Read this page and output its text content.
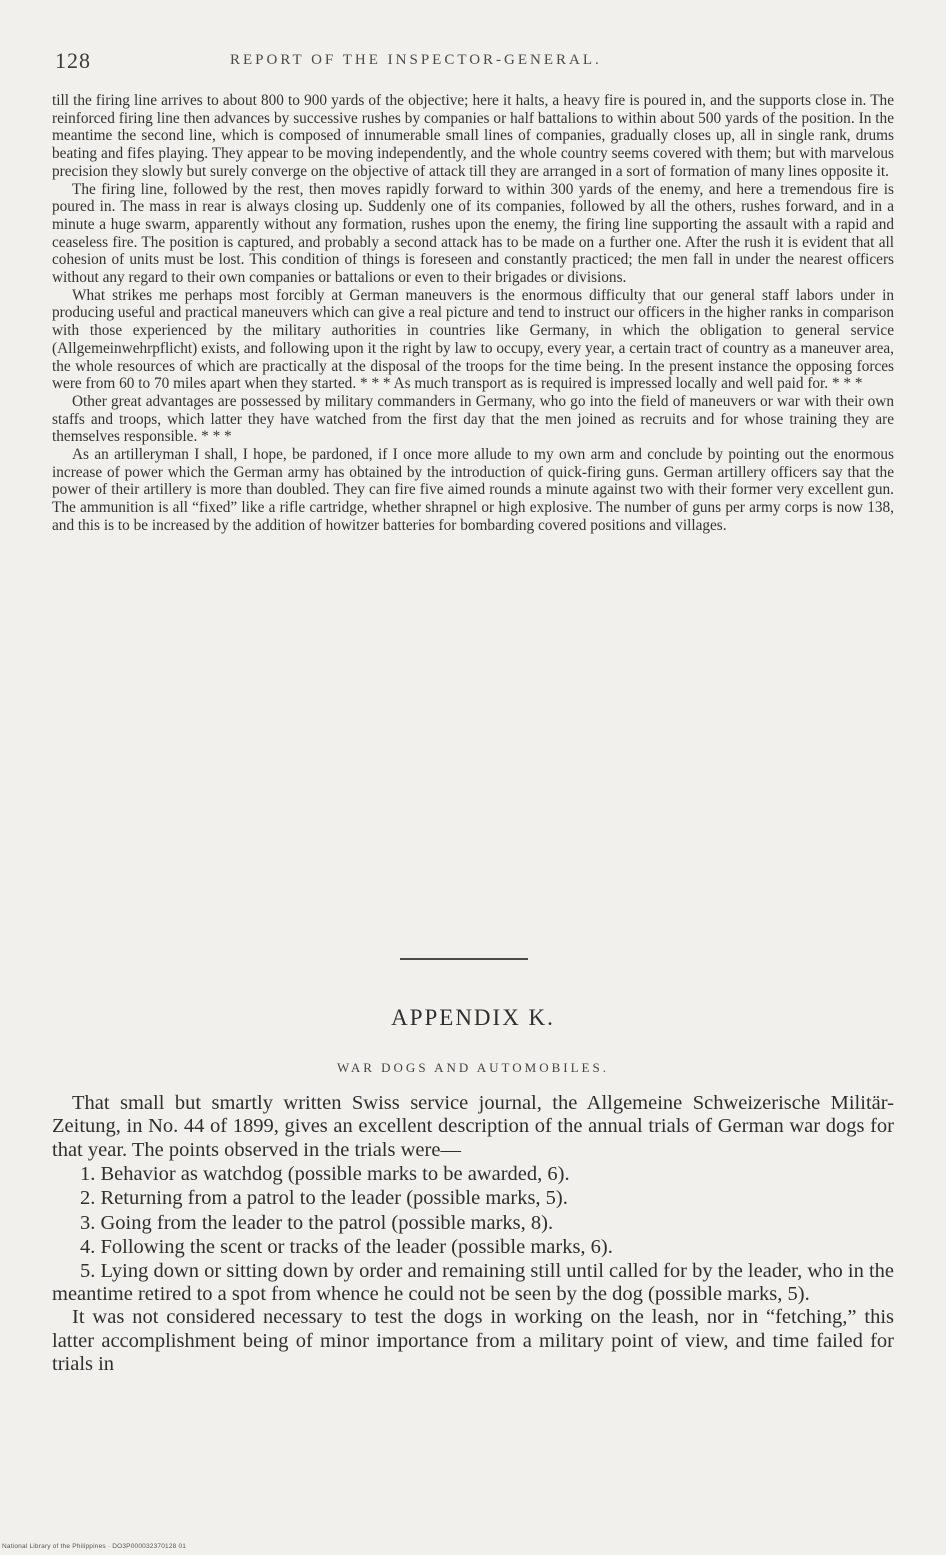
128	REPORT OF THE INSPECTOR-GENERAL.

till the firing line arrives to about 800 to 900 yards of the objective; here it halts, a heavy fire is poured in, and the supports close in. The reinforced firing line then advances by successive rushes by companies or half battalions to within about 500 yards of the position. In the meantime the second line, which is composed of innumerable small lines of companies, gradually closes up, all in single rank, drums beating and fifes playing. They appear to be moving independently, and the whole country seems covered with them; but with marvelous precision they slowly but surely converge on the objective of attack till they are arranged in a sort of formation of many lines opposite it.

The firing line, followed by the rest, then moves rapidly forward to within 300 yards of the enemy, and here a tremendous fire is poured in. The mass in rear is always closing up. Suddenly one of its companies, followed by all the others, rushes forward, and in a minute a huge swarm, apparently without any formation, rushes upon the enemy, the firing line supporting the assault with a rapid and ceaseless fire. The position is captured, and probably a second attack has to be made on a further one. After the rush it is evident that all cohesion of units must be lost. This condition of things is foreseen and constantly practiced; the men fall in under the nearest officers without any regard to their own companies or battalions or even to their brigades or divisions.

What strikes me perhaps most forcibly at German maneuvers is the enormous difficulty that our general staff labors under in producing useful and practical maneuvers which can give a real picture and tend to instruct our officers in the higher ranks in comparison with those experienced by the military authorities in countries like Germany, in which the obligation to general service (Allgemeinwehrpflicht) exists, and following upon it the right by law to occupy, every year, a certain tract of country as a maneuver area, the whole resources of which are practically at the disposal of the troops for the time being. In the present instance the opposing forces were from 60 to 70 miles apart when they started. * * * As much transport as is required is impressed locally and well paid for. * * *

Other great advantages are possessed by military commanders in Germany, who go into the field of maneuvers or war with their own staffs and troops, which latter they have watched from the first day that the men joined as recruits and for whose training they are themselves responsible. * * *

As an artilleryman I shall, I hope, be pardoned, if I once more allude to my own arm and conclude by pointing out the enormous increase of power which the German army has obtained by the introduction of quick-firing guns. German artillery officers say that the power of their artillery is more than doubled. They can fire five aimed rounds a minute against two with their former very excellent gun. The ammunition is all “fixed” like a rifle cartridge, whether shrapnel or high explosive. The number of guns per army corps is now 138, and this is to be increased by the addition of howitzer batteries for bombarding covered positions and villages.

APPENDIX K.
WAR DOGS AND AUTOMOBILES.

That small but smartly written Swiss service journal, the Allgemeine Schweizerische Militär-Zeitung, in No. 44 of 1899, gives an excellent description of the annual trials of German war dogs for that year. The points observed in the trials were—

1. Behavior as watchdog (possible marks to be awarded, 6).

2. Returning from a patrol to the leader (possible marks, 5).

3. Going from the leader to the patrol (possible marks, 8).

4. Following the scent or tracks of the leader (possible marks, 6).

5. Lying down or sitting down by order and remaining still until called for by the leader, who in the meantime retired to a spot from whence he could not be seen by the dog (possible marks, 5).

It was not considered necessary to test the dogs in working on the leash, nor in “fetching,” this latter accomplishment being of minor importance from a military point of view, and time failed for trials in

National Library of the Philippines · DO3P000032370128 01
